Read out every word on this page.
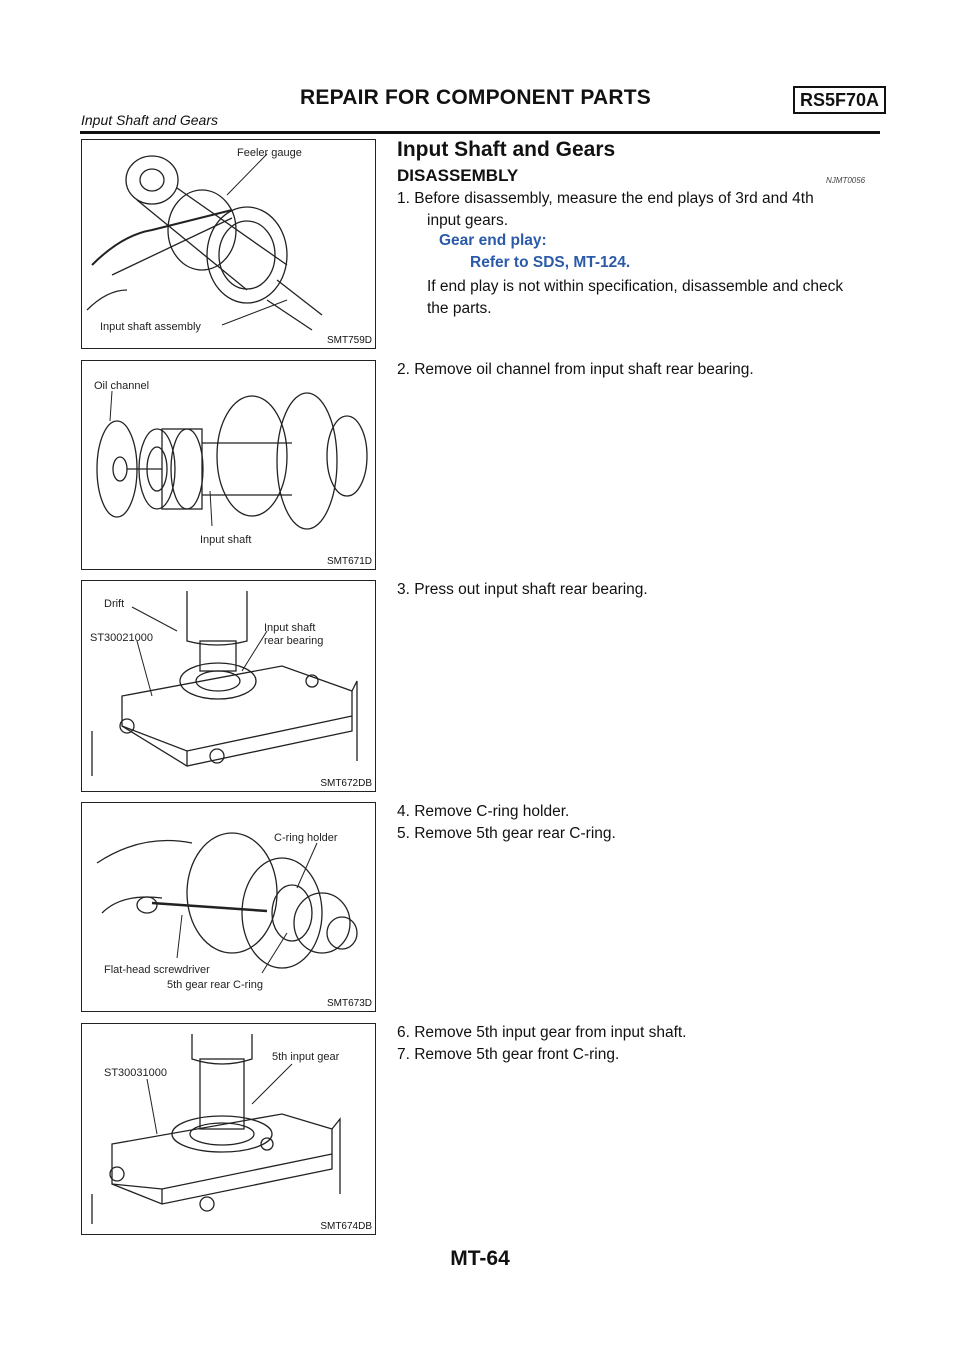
REPAIR FOR COMPONENT PARTS	RS5F70A
Input Shaft and Gears
Feeler gauge
Input shaft assembly
SMT759D
Oil channel
Input shaft
SMT671D
Drift
ST30021000
Input shaft
rear bearing
SMT672DB
C-ring holder
Flat-head screwdriver
5th gear rear C-ring
SMT673D
ST30031000
5th input gear
SMT674DB
Input Shaft and Gears
DISASSEMBLY	NJMT0056
1. Before disassembly, measure the end plays of 3rd and 4th
input gears.
Gear end play:
Refer to SDS, MT-124.
If end play is not within specification, disassemble and check
the parts.
2. Remove oil channel from input shaft rear bearing.
3. Press out input shaft rear bearing.
4. Remove C-ring holder.
5. Remove 5th gear rear C-ring.
6. Remove 5th input gear from input shaft.
7. Remove 5th gear front C-ring.
MT-64
